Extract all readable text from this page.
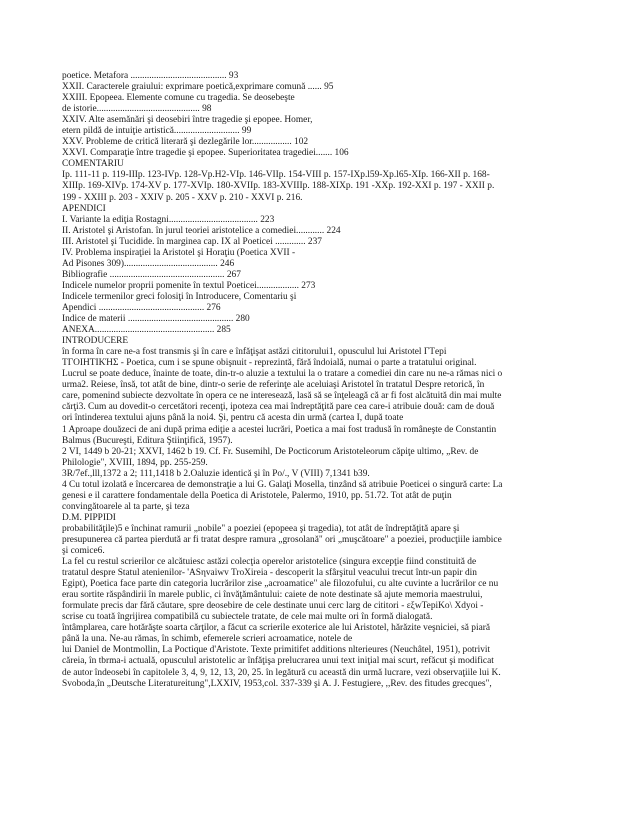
poetice. Metafora ......................................... 93
XXII. Caracterele graiului: exprimare poetică,exprimare comună ...... 95
XXIII. Epopeea. Elemente comune cu tragedia. Se deosebeşte
de istorie............................................ 98
XXIV. Alte asemănări şi deosebiri între tragedie şi epopee. Homer,
etern pildă de intuiţie artistică............................ 99
XXV. Probleme de critică literară şi dezlegările lor................. 102
XXVI. Comparaţie între tragedie şi epopee. Superioritatea tragediei....... 106
COMENTARIU
Ip. 111-11 p. 119-IIIp. 123-IVp. 128-Vp.H2-VIp. 146-VIIp. 154-VIII p. 157-IXp.l59-Xp.l65-XIp. 166-XII p. 168-
XIIIp. 169-XIVp. 174-XV p. 177-XVIp. 180-XVIIp. 183-XVIIIp. 188-XIXp. 191 -XXp. 192-XXI p. 197 - XXII p.
199 - XXIII p. 203 - XXIV p. 205 - XXV p. 210 - XXVI p. 216.
APENDICI
I. Variante la ediţia Rostagni...................................... 223
II. Aristotel şi Aristofan. în jurul teoriei aristotelice a comediei............ 224
III. Aristotel şi Tucidide. în marginea cap. IX al Poeticei ............. 237
IV. Problema inspiraţiei la Aristotel şi Horaţiu (Poetica XVII -
Ad Pisones 309)........................................ 246
Bibliografie ................................................. 267
Indicele numelor proprii pomenite în textul Poeticei.................. 273
Indicele termenilor greci folosiţi în Introducere, Comentariu şi
Apendici ............................................. 276
Indice de materii ............................................. 280
ANEXĂ................................................... 285
INTRODUCERE
în forma în care ne-a fost transmis şi în care e înfăţişat astăzi cititorului1, opusculul lui Aristotel ΓΤepi
ΤΓΟΙΗΤΙΚΉΣ - Poetica, cum i se spune obişnuit - reprezintă, fără îndoială, numai o parte a tratatului original.
Lucrul se poate deduce, înainte de toate, din-tr-o aluzie a textului la o tratare a comediei din care nu ne-a rămas nici o
urma2. Reiese, însă, tot atât de bine, dintr-o serie de referinţe ale aceluiaşi Aristotel în tratatul Despre retorică, în
care, pomenind subiecte dezvoltate în opera ce ne interesează, lasă să se înţeleagă că ar fi fost alcătuită din mai multe
cărţi3. Cum au dovedit-o cercetători recenţi, ipoteza cea mai îndreptăţită pare cea care-i atribuie două: cam de două
ori întinderea textului ajuns până la noi4. Şi, pentru că acesta din urmă (cartea I, după toate
1 Aproape douăzeci de ani după prima ediţie a acestei lucrări, Poetica a mai fost tradusă în româneşte de Constantin
Balmus (Bucureşti, Editura Ştiinţifică, 1957).
2 VI, 1449 b 20-21; XXVI, 1462 b 19. Cf. Fr. Susemihl, De Pocticorum Aristoteleorum căpiţe ultimo, „Rev. de
Philologie", XVIII, 1894, pp. 255-259.
3R/7ef.,lll,1372 a 2; 111,1418 b 2.Oaluzie identică şi în Po/., V (VIII) 7,1341 b39.
4 Cu totul izolată e încercarea de demonstraţie a lui G. Galaţi Mosella, tinzând să atribuie Poeticei o singură carte: La
genesi e il carattere fondamentale della Poetica di Aristotele, Palermo, 1910, pp. 51.72. Tot atât de puţin
convingătoarele al ta parte, şi teza
D.M. PIPPIDI
probabilităţile)5 e închinat ramurii „nobile" a poeziei (epopeea şi tragedia), tot atât de îndreptăţită apare şi
presupunerea că partea pierdută ar fi tratat despre ramura „grosolană" ori „muşcătoare" a poeziei, producţiile iambice
şi comice6.
La fel cu restul scrierilor ce alcătuiesc astăzi colecţia operelor aristotelice (singura excepţie fiind constituită de
tratatul despre Statul atenienilor- 'ASηvaiwv TroXireia - descoperit la sfârşitul veacului trecut într-un papir din
Egipt), Poetica face parte din categoria lucrărilor zise „acroamatice" ale filozofului, cu alte cuvinte a lucrărilor ce nu
erau sortite răspândirii în marele public, ci învăţământului: caiete de note destinate să ajute memoria maestrului,
formulate precis dar fără căutare, spre deosebire de cele destinate unui cerc larg de cititori - εξwTepiKo\ Xdyoi -
scrise cu toată îngrijirea compatibilă cu subiectele tratate, de cele mai multe ori în formă dialogată.
întâmplarea, care hotărăşte soarta cărţilor, a făcut ca scrierile exoterice ale lui Aristotel, hărăzite veşniciei, să piară
până la una. Ne-au rămas, în schimb, efemerele scrieri acroamatice, notele de
lui Daniel de Montmollin, La Poctique d'Aristote. Texte primitifet additions nlterieures (Neuchâtel, 1951), potrivit
căreia, în tbrma-i actuală, opusculul aristotelic ar înfăţişa prelucrarea unui text iniţial mai scurt, refăcut şi modificat
de autor îndeosebi în capitolele 3, 4, 9, 12, 13, 20, 25. în legătură cu această din urmă lucrare, vezi observaţiile lui K.
Svoboda,în „Deutsche Literatureitung",LXXIV, 1953,col. 337-339 şi A. J. Festugiere, ,,Rev. des fitudes grecques",
